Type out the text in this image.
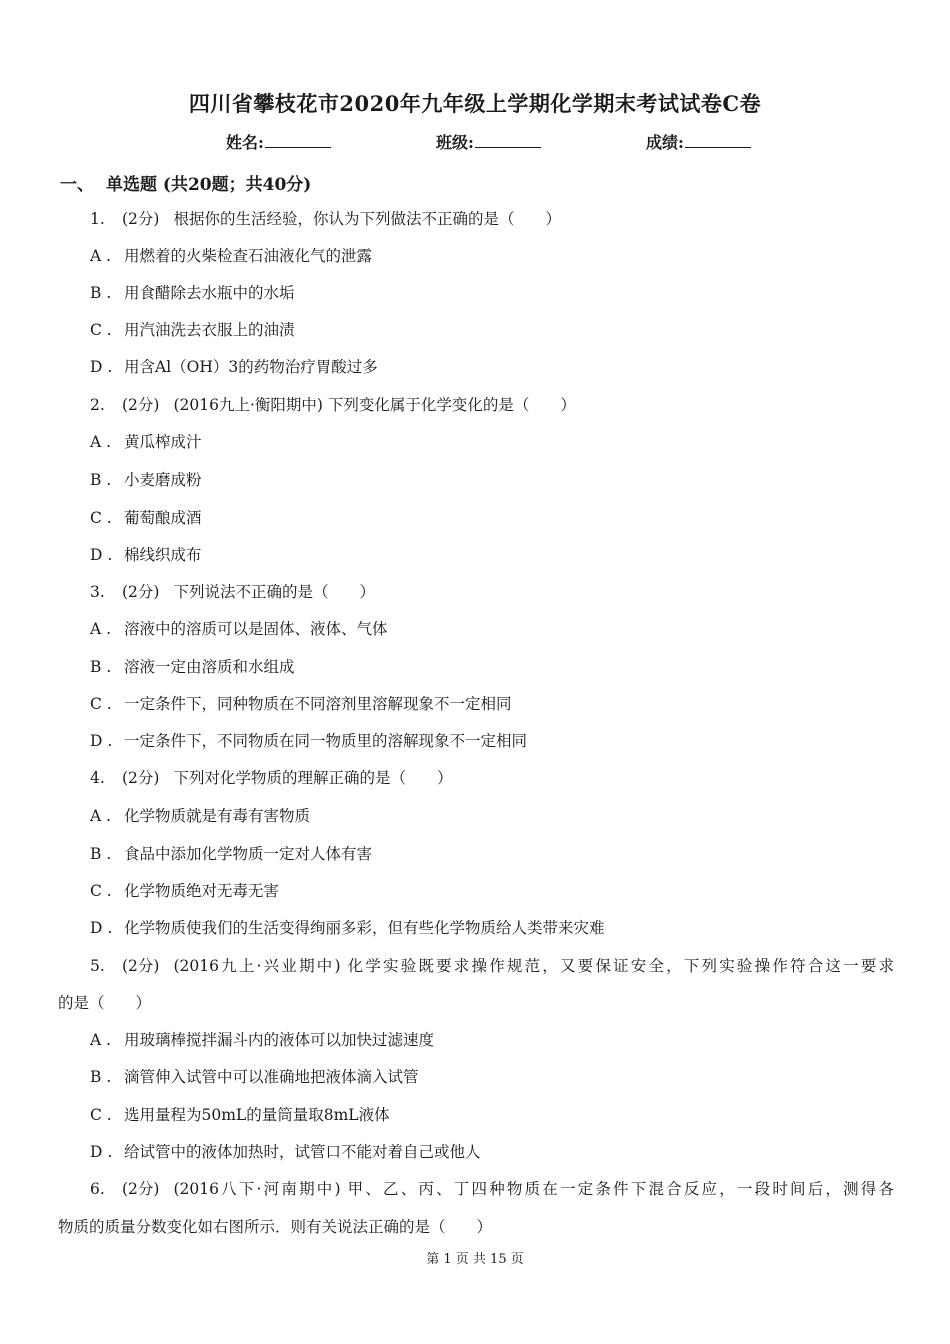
四川省攀枝花市2020年九年级上学期化学期末考试试卷C卷
姓名:	班级:	成绩:
一、 单选题 (共20题；共40分)
1. (2分) 根据你的生活经验，你认为下列做法不正确的是（　　）
A . 用燃着的火柴检查石油液化气的泄露
B . 用食醋除去水瓶中的水垢
C . 用汽油洗去衣服上的油渍
D . 用含Al（OH）3的药物治疗胃酸过多
2. (2分) (2016九上·衡阳期中) 下列变化属于化学变化的是（　　）
A . 黄瓜榨成汁
B . 小麦磨成粉
C . 葡萄酿成酒
D . 棉线织成布
3. (2分) 下列说法不正确的是（　　）
A . 溶液中的溶质可以是固体、液体、气体
B . 溶液一定由溶质和水组成
C . 一定条件下，同种物质在不同溶剂里溶解现象不一定相同
D . 一定条件下，不同物质在同一物质里的溶解现象不一定相同
4. (2分) 下列对化学物质的理解正确的是（　　）
A . 化学物质就是有毒有害物质
B . 食品中添加化学物质一定对人体有害
C . 化学物质绝对无毒无害
D . 化学物质使我们的生活变得绚丽多彩，但有些化学物质给人类带来灾难
5. (2分) (2016九上·兴业期中) 化学实验既要求操作规范，又要保证安全，下列实验操作符合这一要求
的是（　　）
A . 用玻璃棒搅拌漏斗内的液体可以加快过滤速度
B . 滴管伸入试管中可以准确地把液体滴入试管
C . 选用量程为50mL的量筒量取8mL液体
D . 给试管中的液体加热时，试管口不能对着自己或他人
6. (2分) (2016八下·河南期中) 甲、乙、丙、丁四种物质在一定条件下混合反应，一段时间后，测得各
物质的质量分数变化如右图所示．则有关说法正确的是（　　）
第 1 页 共 15 页
